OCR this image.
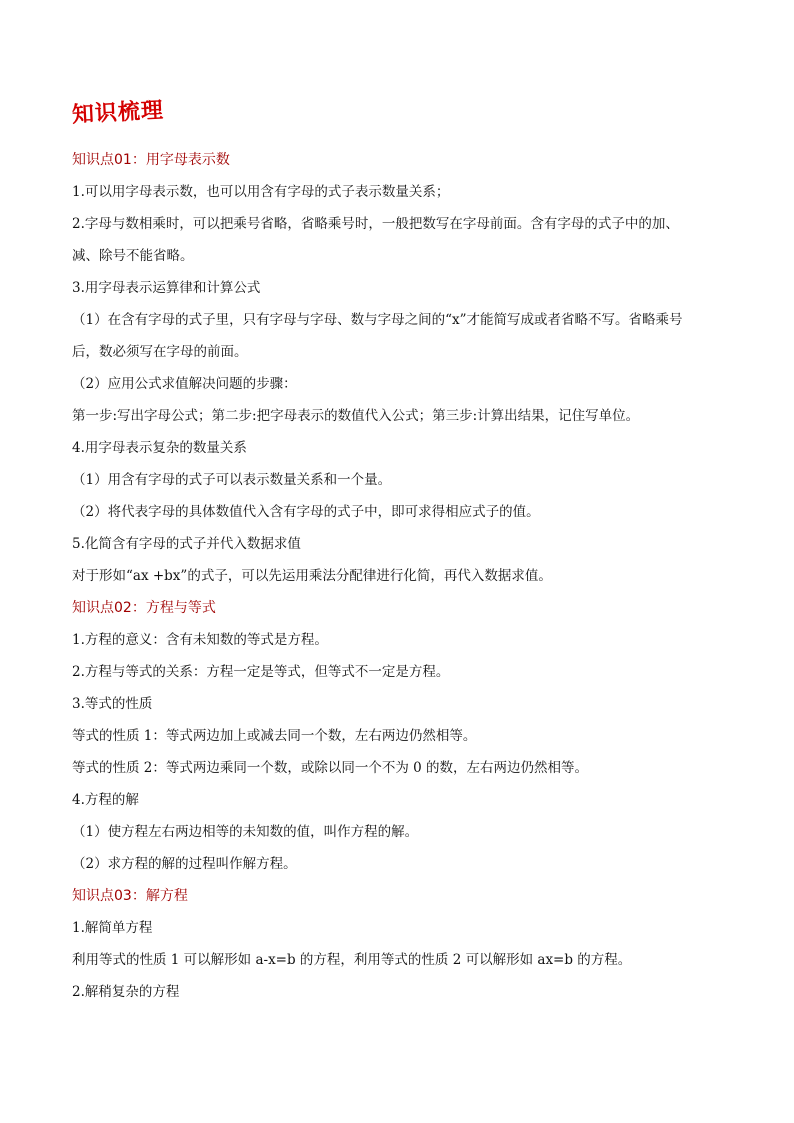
知识梳理

知识点01：用字母表示数

1.可以用字母表示数，也可以用含有字母的式子表示数量关系；

2.字母与数相乘时，可以把乘号省略，省略乘号时，一般把数写在字母前面。含有字母的式子中的加、

减、除号不能省略。

3.用字母表示运算律和计算公式

（1）在含有字母的式子里，只有字母与字母、数与字母之间的“x”才能简写成或者省略不写。省略乘号

后，数必须写在字母的前面。

（2）应用公式求值解决问题的步骤：

第一步:写出字母公式；第二步:把字母表示的数值代入公式；第三步:计算出结果，记住写单位。

4.用字母表示复杂的数量关系

（1）用含有字母的式子可以表示数量关系和一个量。

（2）将代表字母的具体数值代入含有字母的式子中，即可求得相应式子的值。

5.化简含有字母的式子并代入数据求值

对于形如“ax +bx”的式子，可以先运用乘法分配律进行化简，再代入数据求值。

知识点02：方程与等式

1.方程的意义：含有未知数的等式是方程。

2.方程与等式的关系：方程一定是等式，但等式不一定是方程。

3.等式的性质

等式的性质 1：等式两边加上或减去同一个数，左右两边仍然相等。

等式的性质 2：等式两边乘同一个数，或除以同一个不为 0 的数，左右两边仍然相等。

4.方程的解

（1）使方程左右两边相等的未知数的值，叫作方程的解。

（2）求方程的解的过程叫作解方程。

知识点03：解方程

1.解简单方程

利用等式的性质 1 可以解形如 a-x=b 的方程，利用等式的性质 2 可以解形如 ax=b 的方程。

2.解稍复杂的方程
